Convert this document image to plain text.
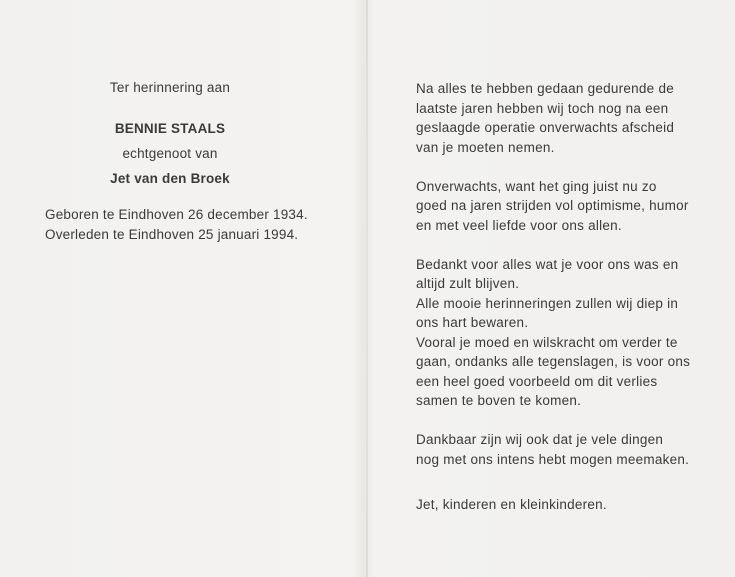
Ter herinnering aan
BENNIE STAALS
echtgenoot van
Jet van den Broek
Geboren te Eindhoven 26 december 1934.
Overleden te Eindhoven 25 januari 1994.
Na alles te hebben gedaan gedurende de
laatste jaren hebben wij toch nog na een
geslaagde operatie onverwachts afscheid
van je moeten nemen.
Onverwachts, want het ging juist nu zo
goed na jaren strijden vol optimisme, humor
en met veel liefde voor ons allen.
Bedankt voor alles wat je voor ons was en
altijd zult blijven.
Alle mooie herinneringen zullen wij diep in
ons hart bewaren.
Vooral je moed en wilskracht om verder te
gaan, ondanks alle tegenslagen, is voor ons
een heel goed voorbeeld om dit verlies
samen te boven te komen.
Dankbaar zijn wij ook dat je vele dingen
nog met ons intens hebt mogen meemaken.
Jet, kinderen en kleinkinderen.
